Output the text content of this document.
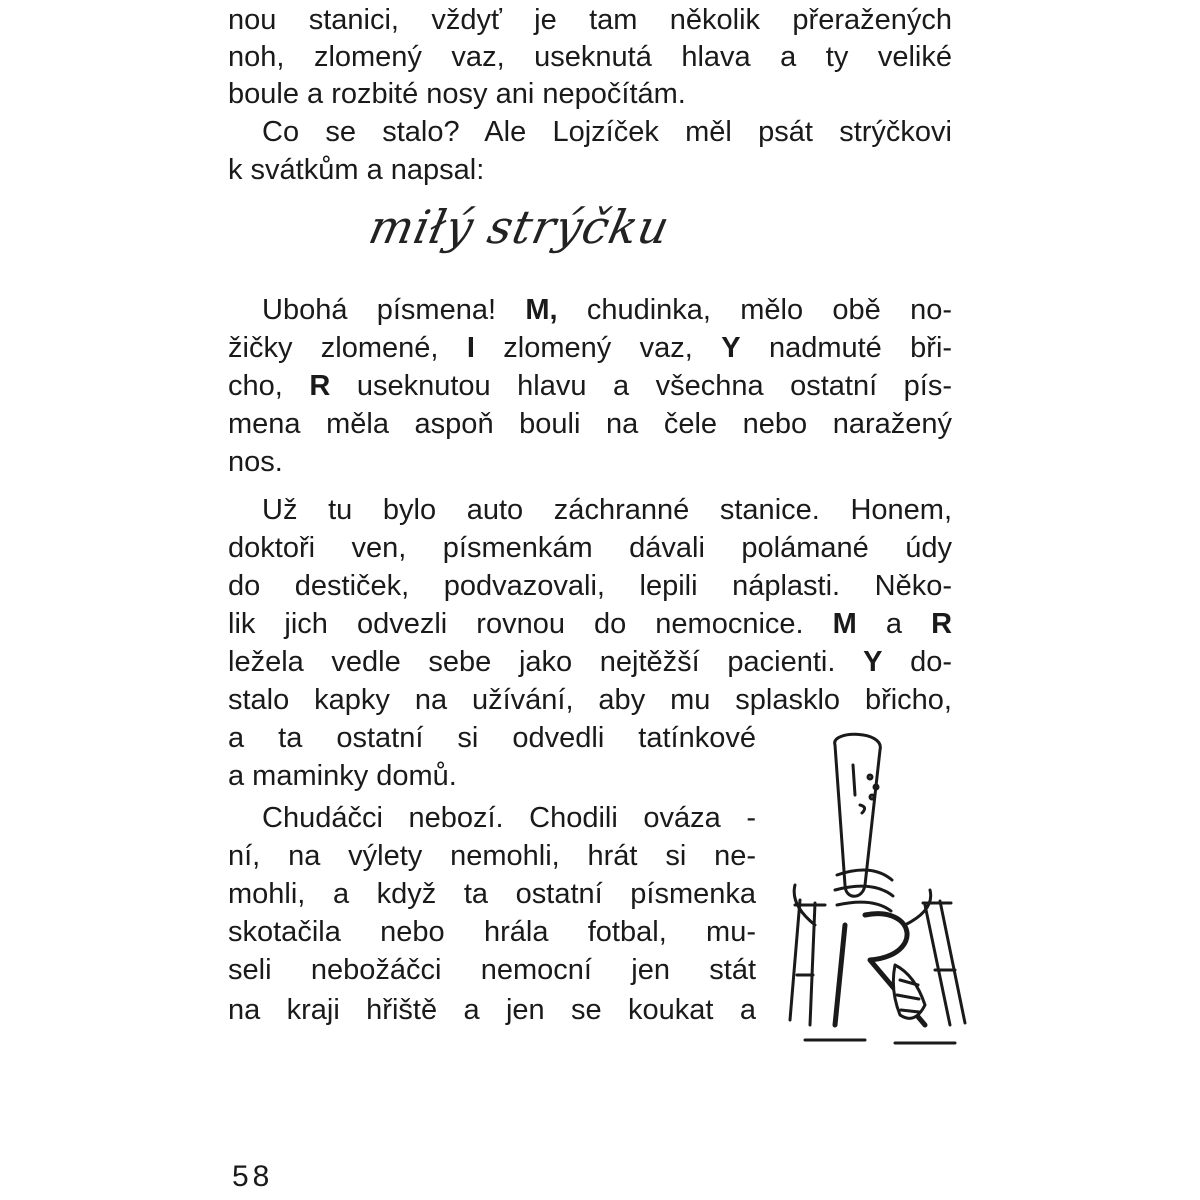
nou stanici, vždyť je tam několik přeražených
noh, zlomený vaz, useknutá hlava a ty veliké
boule a rozbité nosy ani nepočítám.
Co se stalo? Ale Lojzíček měl psát strýčkovi
k svátkům a napsal:
miłý strýčku
Ubohá písmena! M, chudinka, mělo obě no-
žičky zlomené, I zlomený vaz, Y nadmuté bři-
cho, R useknutou hlavu a všechna ostatní pís-
mena měla aspoň bouli na čele nebo naražený
nos.
Už tu bylo auto záchranné stanice. Honem,
doktoři ven, písmenkám dávali polámané údy
do destiček, podvazovali, lepili náplasti. Něko-
lik jich odvezli rovnou do nemocnice. M a R
ležela vedle sebe jako nejtěžší pacienti. Y do-
stalo kapky na užívání, aby mu splasklo břicho,
a ta ostatní si odvedli tatínkové
a maminky domů.
Chudáčci nebozí. Chodili ováza -
ní, na výlety nemohli, hrát si ne-
mohli, a když ta ostatní písmenka
skotačila nebo hrála fotbal, mu-
seli nebožáčci nemocní jen stát
na kraji hřiště a jen se koukat a
58
